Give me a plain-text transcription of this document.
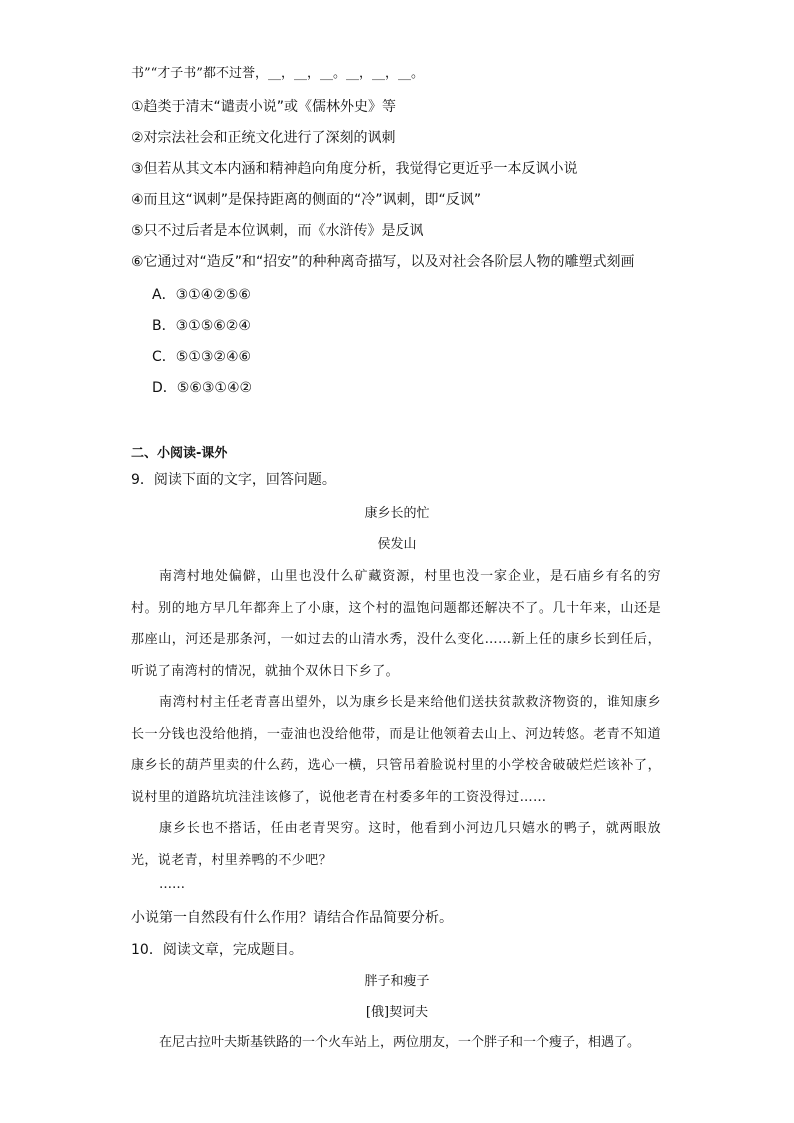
书”“才子书”都不过誉，__，__，__。__，__，__。
①趋类于清末“谴责小说”或《儒林外史》等
②对宗法社会和正统文化进行了深刻的讽刺
③但若从其文本内涵和精神趋向角度分析，我觉得它更近乎一本反讽小说
④而且这“讽刺”是保持距离的侧面的“冷”讽刺，即“反讽”
⑤只不过后者是本位讽刺，而《水浒传》是反讽
⑥它通过对“造反”和“招安”的种种离奇描写，以及对社会各阶层人物的雕塑式刻画
A．③①④②⑤⑥
B．③①⑤⑥②④
C．⑤①③②④⑥
D．⑤⑥③①④②
二、小阅读-课外
9．阅读下面的文字，回答问题。
康乡长的忙
侯发山
南湾村地处偏僻，山里也没什么矿藏资源，村里也没一家企业，是石庙乡有名的穷村。别的地方早几年都奔上了小康，这个村的温饱问题都还解决不了。几十年来，山还是那座山，河还是那条河，一如过去的山清水秀，没什么变化……新上任的康乡长到任后，听说了南湾村的情况，就抽个双休日下乡了。
南湾村村主任老青喜出望外，以为康乡长是来给他们送扶贫款救济物资的，谁知康乡长一分钱也没给他捎，一壶油也没给他带，而是让他领着去山上、河边转悠。老青不知道康乡长的葫芦里卖的什么药，选心一横，只管吊着脸说村里的小学校舍破破烂烂该补了，说村里的道路坑坑洼洼该修了，说他老青在村委多年的工资没得过……
康乡长也不搭话，任由老青哭穷。这时，他看到小河边几只嬉水的鸭子，就两眼放光，说老青，村里养鸭的不少吧？
……
小说第一自然段有什么作用？请结合作品简要分析。
10．阅读文章，完成题目。
胖子和瘦子
[俄]契诃夫
在尼古拉叶夫斯基铁路的一个火车站上，两位朋友，一个胖子和一个瘦子，相遇了。
